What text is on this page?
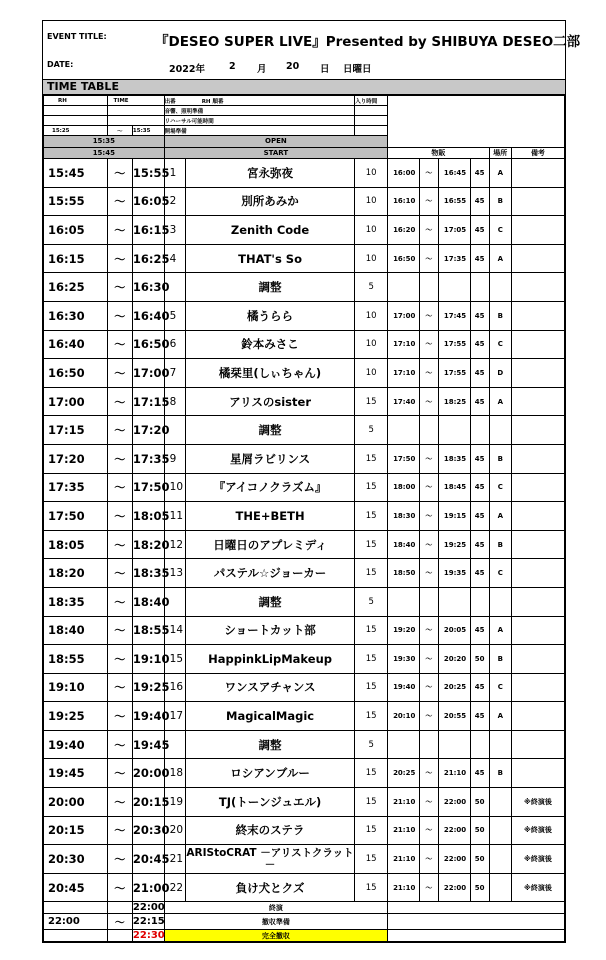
EVENT TITLE:	『DESEO SUPER LIVE』Presented by SHIBUYA DESEO二部
DATE:	2022年	2 月 20 日 日曜日
TIME TABLE
RH	TIME		出番 RH 順番		入り時間						
			音響、照明準備								
			リハーサル可能時間								
15:25	～	15:35	開場準備								
15:35			OPEN								
15:45			START			物販				場所	備考
15:45	～	15:55	1	宮永弥夜	10	16:00	～	16:45	45	A	
15:55	～	16:05	2	別所あみか	10	16:10	～	16:55	45	B	
16:05	～	16:15	3	Zenith Code	10	16:20	～	17:05	45	C	
16:15	～	16:25	4	THAT's So	10	16:50	～	17:35	45	A	
16:25	～	16:30		調整	5						
16:30	～	16:40	5	橘うらら	10	17:00	～	17:45	45	B	
16:40	～	16:50	6	鈴本みさこ	10	17:10	～	17:55	45	C	
16:50	～	17:00	7	橘栞里(しぃちゃん)	10	17:10	～	17:55	45	D	
17:00	～	17:15	8	アリスのsister	15	17:40	～	18:25	45	A	
17:15	～	17:20		調整	5						
17:20	～	17:35	9	星屑ラビリンス	15	17:50	～	18:35	45	B	
17:35	～	17:50	10	『アイコノクラズム』	15	18:00	～	18:45	45	C	
17:50	～	18:05	11	THE+BETH	15	18:30	～	19:15	45	A	
18:05	～	18:20	12	日曜日のアプレミディ	15	18:40	～	19:25	45	B	
18:20	～	18:35	13	パステル☆ジョーカー	15	18:50	～	19:35	45	C	
18:35	～	18:40		調整	5						
18:40	～	18:55	14	ショートカット部	15	19:20	～	20:05	45	A	
18:55	～	19:10	15	HappinkLipMakeup	15	19:30	～	20:20	50	B	
19:10	～	19:25	16	ワンスアチャンス	15	19:40	～	20:25	45	C	
19:25	～	19:40	17	MagicalMagic	15	20:10	～	20:55	45	A	
19:40	～	19:45		調整	5						
19:45	～	20:00	18	ロシアンブルー	15	20:25	～	21:10	45	B	
20:00	～	20:15	19	TJ(トーンジュエル)	15	21:10	～	22:00	50		※終演後
20:15	～	20:30	20	終末のステラ	15	21:10	～	22:00	50		※終演後
20:30	～	20:45	21	ARIStoCRAT －アリストクラット－	15	21:10	～	22:00	50		※終演後
20:45	～	21:00	22	負け犬とクズ	15	21:10	～	22:00	50		※終演後
		22:00	終演								
22:00	～	22:15	撤収準備								
		22:30	完全撤収								
